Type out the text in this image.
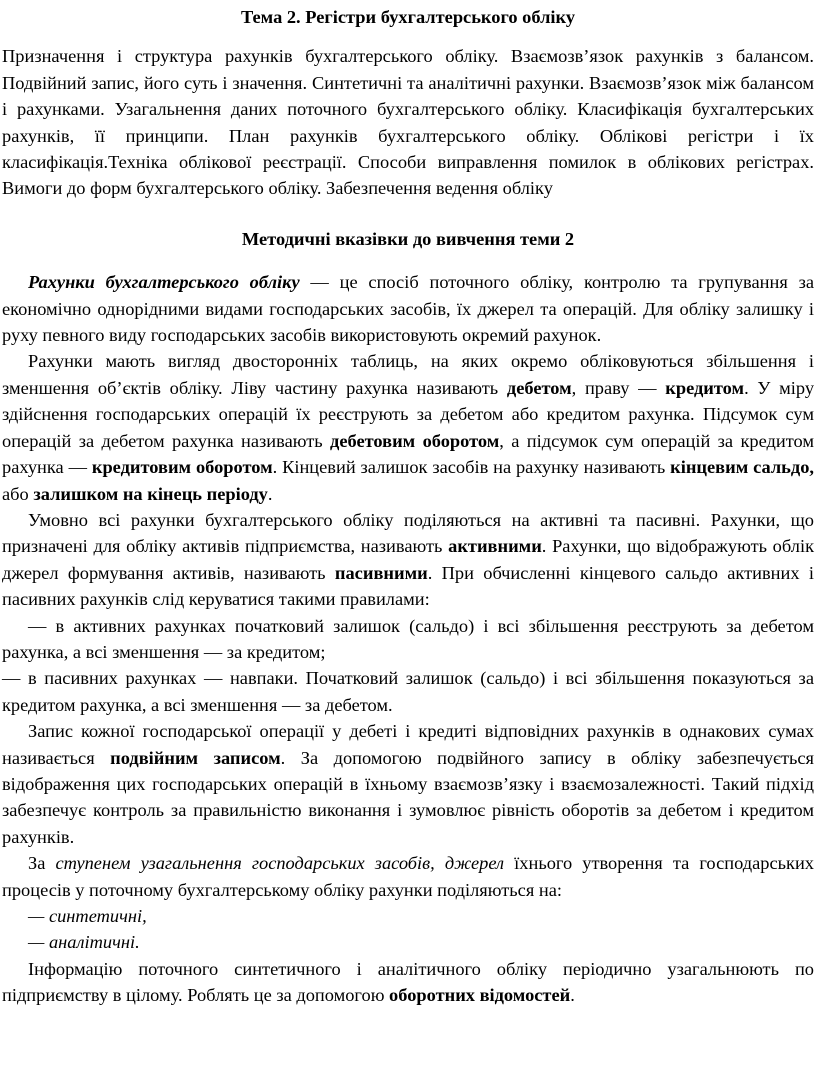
Тема 2. Регістри бухгалтерського обліку

Призначення і структура рахунків бухгалтерського обліку. Взаємозв’язок рахунків з балансом. Подвійний запис, його суть і значення. Синтетичні та аналітичні рахунки. Взаємозв’язок між балансом і рахунками. Узагальнення даних поточного бухгалтерського обліку. Класифікація бухгалтерських рахунків, її принципи. План рахунків бухгалтерського обліку. Облікові регістри і їх класифікація.Техніка облікової реєстрації. Способи виправлення помилок в облікових регістрах. Вимоги до форм бухгалтерського обліку. Забезпечення ведення обліку

Методичні вказівки до вивчення теми 2

Рахунки бухгалтерського обліку — це спосіб поточного обліку, контролю та групування за економічно однорідними видами господарських засобів, їх джерел та операцій. Для обліку залишку і руху певного виду господарських засобів використовують окремий рахунок.

Рахунки мають вигляд двосторонніх таблиць, на яких окремо обліковуються збільшення і зменшення об’єктів обліку. Ліву частину рахунка називають дебетом, праву — кредитом. У міру здійснення господарських операцій їх реєструють за дебетом або кредитом рахунка. Підсумок сум операцій за дебетом рахунка називають дебетовим оборотом, а підсумок сум операцій за кредитом рахунка — кредитовим оборотом. Кінцевий залишок засобів на рахунку називають кінцевим сальдо, або залишком на кінець періоду.

Умовно всі рахунки бухгалтерського обліку поділяються на активні та пасивні. Рахунки, що призначені для обліку активів підприємства, називають активними. Рахунки, що відображують облік джерел формування активів, називають пасивними. При обчисленні кінцевого сальдо активних і пасивних рахунків слід керуватися такими правилами:

— в активних рахунках початковий залишок (сальдо) і всі збільшення реєструють за дебетом рахунка, а всі зменшення — за кредитом;

— в пасивних рахунках — навпаки. Початковий залишок (сальдо) і всі збільшення показуються за кредитом рахунка, а всі зменшення — за дебетом.

Запис кожної господарської операції у дебеті і кредиті відповідних рахунків в однакових сумах називається подвійним записом. За допомогою подвійного запису в обліку забезпечується відображення цих господарських операцій в їхньому взаємозв’язку і взаємозалежності. Такий підхід забезпечує контроль за правильністю виконання і зумовлює рівність оборотів за дебетом і кредитом рахунків.

За ступенем узагальнення господарських засобів, джерел їхнього утворення та господарських процесів у поточному бухгалтерському обліку рахунки поділяються на:

— синтетичні,

— аналітичні.

Інформацію поточного синтетичного і аналітичного обліку періодично узагальнюють по підприємству в цілому. Роблять це за допомогою оборотних відомостей.
